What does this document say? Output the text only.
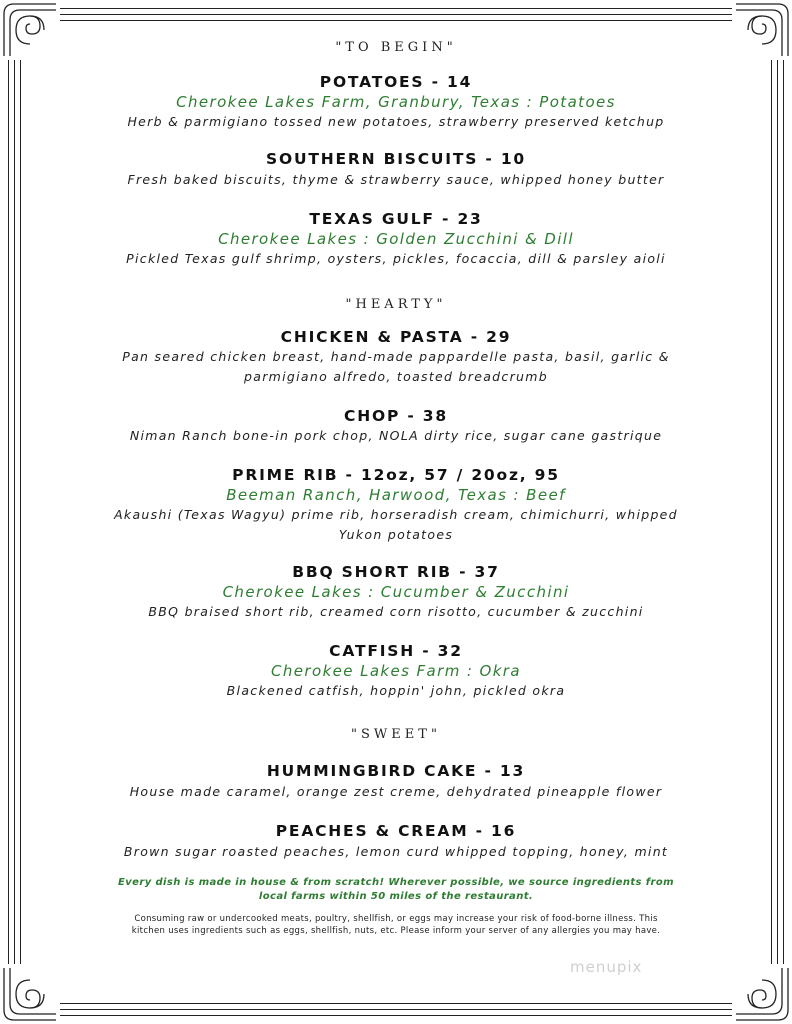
"TO BEGIN"

POTATOES - 14

Cherokee Lakes Farm, Granbury, Texas : Potatoes

Herb & parmigiano tossed new potatoes, strawberry preserved ketchup

SOUTHERN BISCUITS - 10

Fresh baked biscuits, thyme & strawberry sauce, whipped honey butter

TEXAS GULF - 23

Cherokee Lakes : Golden Zucchini & Dill

Pickled Texas gulf shrimp, oysters, pickles, focaccia, dill & parsley aioli

"HEARTY"

CHICKEN & PASTA - 29

Pan seared chicken breast, hand-made pappardelle pasta, basil, garlic &

parmigiano alfredo, toasted breadcrumb

CHOP - 38

Niman Ranch bone-in pork chop, NOLA dirty rice, sugar cane gastrique

PRIME RIB - 12oz, 57 / 20oz, 95

Beeman Ranch, Harwood, Texas : Beef

Akaushi (Texas Wagyu) prime rib, horseradish cream, chimichurri, whipped

Yukon potatoes

BBQ SHORT RIB - 37

Cherokee Lakes : Cucumber & Zucchini

BBQ braised short rib, creamed corn risotto, cucumber & zucchini

CATFISH - 32

Cherokee Lakes Farm : Okra

Blackened catfish, hoppin' john, pickled okra

"SWEET"

HUMMINGBIRD CAKE - 13

House made caramel, orange zest creme, dehydrated pineapple flower

PEACHES & CREAM - 16

Brown sugar roasted peaches, lemon curd whipped topping, honey, mint

Every dish is made in house & from scratch! Wherever possible, we source ingredients from

local farms within 50 miles of the restaurant.

Consuming raw or undercooked meats, poultry, shellfish, or eggs may increase your risk of food-borne illness. This

kitchen uses ingredients such as eggs, shellfish, nuts, etc. Please inform your server of any allergies you may have.

menupix
